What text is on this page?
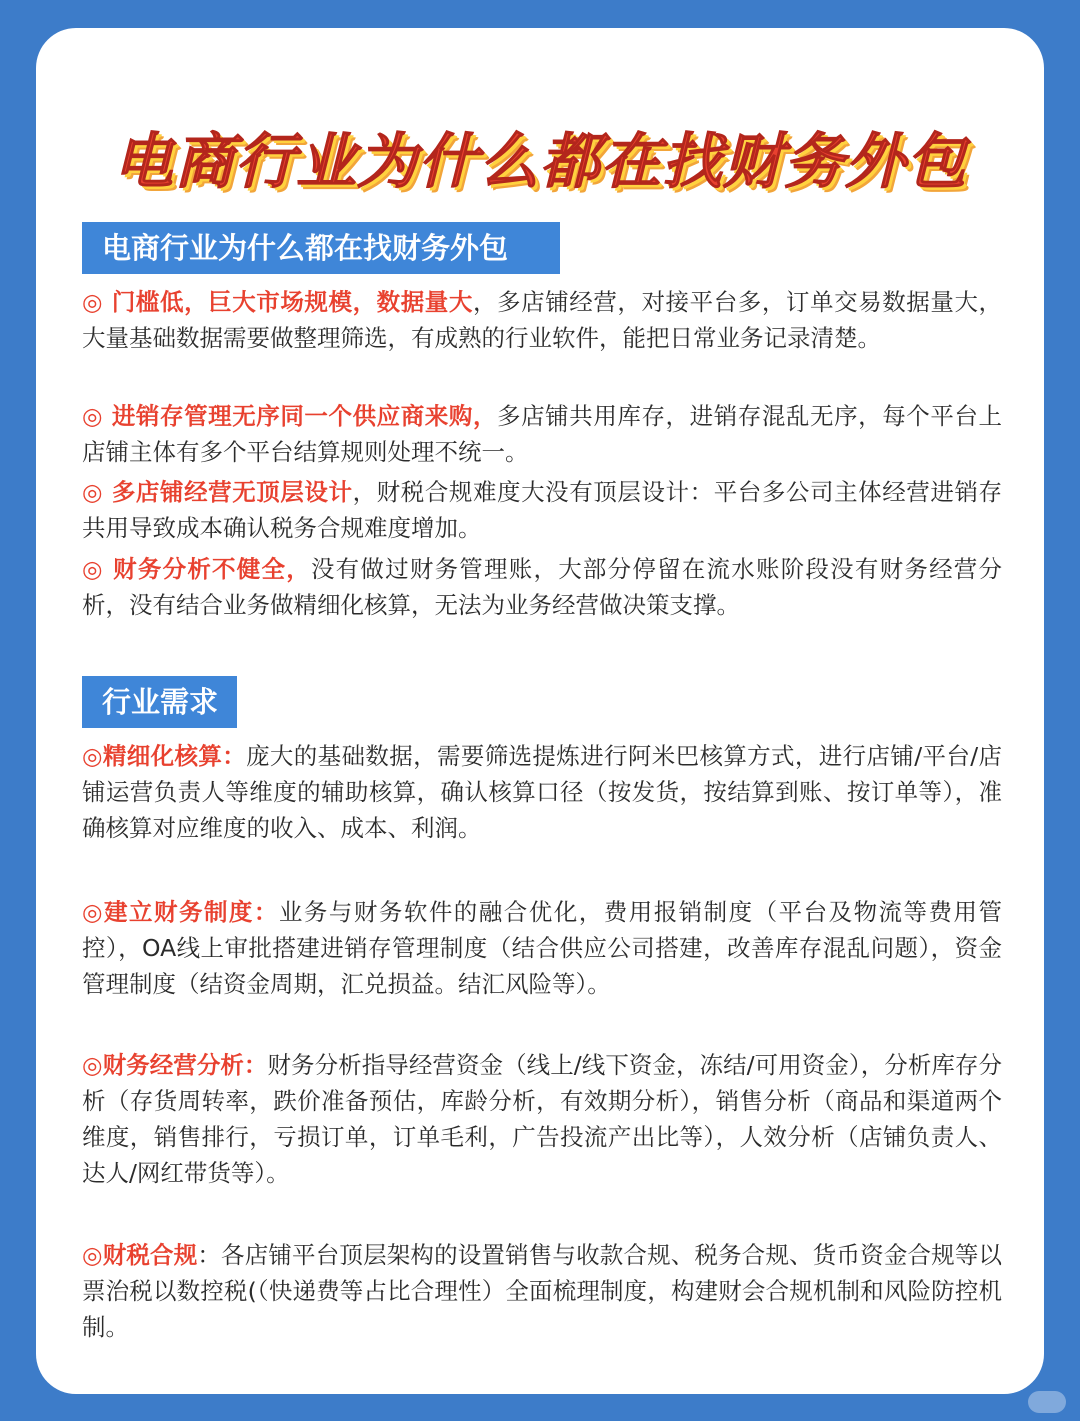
电商行业为什么都在找财务外包
电商行业为什么都在找财务外包

◎ 门槛低，巨大市场规模，数据量大，多店铺经营，对接平台多，订单交易数据量大，大量基础数据需要做整理筛选，有成熟的行业软件，能把日常业务记录清楚。

◎ 进销存管理无序同一个供应商来购，多店铺共用库存，进销存混乱无序，每个平台上店铺主体有多个平台结算规则处理不统一。

◎ 多店铺经营无顶层设计，财税合规难度大没有顶层设计：平台多公司主体经营进销存共用导致成本确认税务合规难度增加。

◎ 财务分析不健全，没有做过财务管理账，大部分停留在流水账阶段没有财务经营分析，没有结合业务做精细化核算，无法为业务经营做决策支撑。

行业需求

◎精细化核算：庞大的基础数据，需要筛选提炼进行阿米巴核算方式，进行店铺/平台/店铺运营负责人等维度的辅助核算，确认核算口径（按发货，按结算到账、按订单等），准确核算对应维度的收入、成本、利润。

◎建立财务制度：业务与财务软件的融合优化，费用报销制度（平台及物流等费用管控），OA线上审批搭建进销存管理制度（结合供应公司搭建，改善库存混乱问题），资金管理制度（结资金周期，汇兑损益。结汇风险等）。

◎财务经营分析：财务分析指导经营资金（线上/线下资金，冻结/可用资金），分析库存分析（存货周转率，跌价准备预估，库龄分析，有效期分析），销售分析（商品和渠道两个维度，销售排行，亏损订单，订单毛利，广告投流产出比等），人效分析（店铺负责人、达人/网红带货等）。

◎财税合规：各店铺平台顶层架构的设置销售与收款合规、税务合规、货币资金合规等以票治税以数控税(（快递费等占比合理性）全面梳理制度，构建财会合规机制和风险防控机制。
